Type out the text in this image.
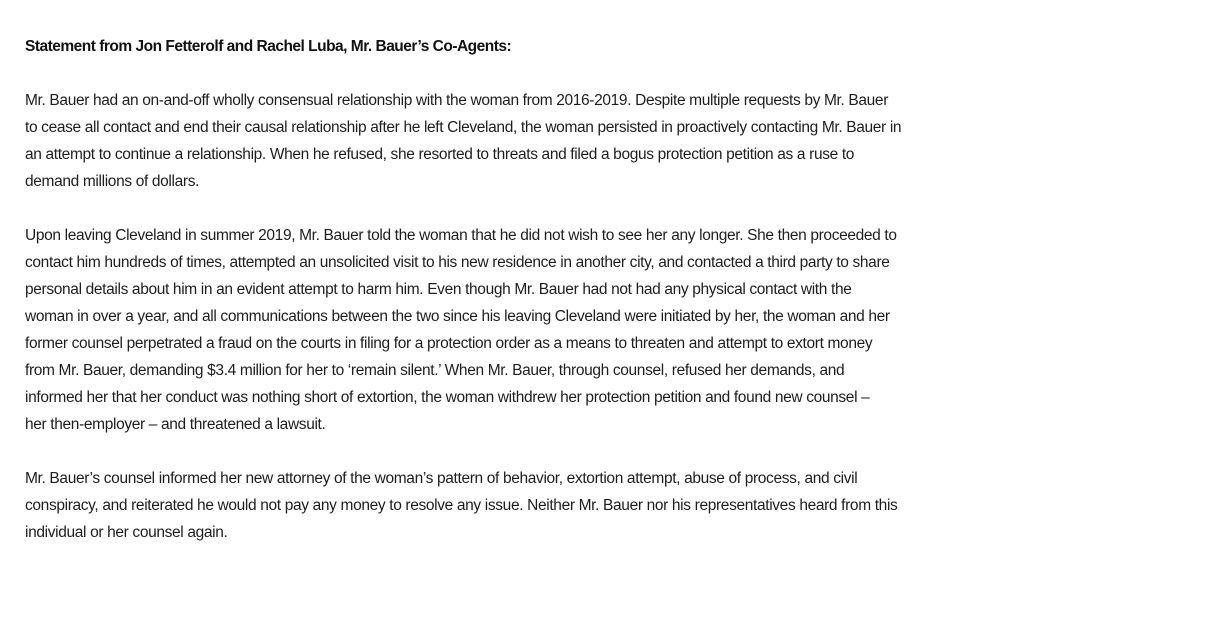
Statement from Jon Fetterolf and Rachel Luba, Mr. Bauer’s Co-Agents:

Mr. Bauer had an on-and-off wholly consensual relationship with the woman from 2016-2019. Despite multiple requests by Mr. Bauer
to cease all contact and end their causal relationship after he left Cleveland, the woman persisted in proactively contacting Mr. Bauer in
an attempt to continue a relationship. When he refused, she resorted to threats and filed a bogus protection petition as a ruse to
demand millions of dollars.

Upon leaving Cleveland in summer 2019, Mr. Bauer told the woman that he did not wish to see her any longer. She then proceeded to
contact him hundreds of times, attempted an unsolicited visit to his new residence in another city, and contacted a third party to share
personal details about him in an evident attempt to harm him. Even though Mr. Bauer had not had any physical contact with the
woman in over a year, and all communications between the two since his leaving Cleveland were initiated by her, the woman and her
former counsel perpetrated a fraud on the courts in filing for a protection order as a means to threaten and attempt to extort money
from Mr. Bauer, demanding $3.4 million for her to ‘remain silent.’ When Mr. Bauer, through counsel, refused her demands, and
informed her that her conduct was nothing short of extortion, the woman withdrew her protection petition and found new counsel –
her then-employer – and threatened a lawsuit.

Mr. Bauer’s counsel informed her new attorney of the woman’s pattern of behavior, extortion attempt, abuse of process, and civil
conspiracy, and reiterated he would not pay any money to resolve any issue. Neither Mr. Bauer nor his representatives heard from this
individual or her counsel again.
